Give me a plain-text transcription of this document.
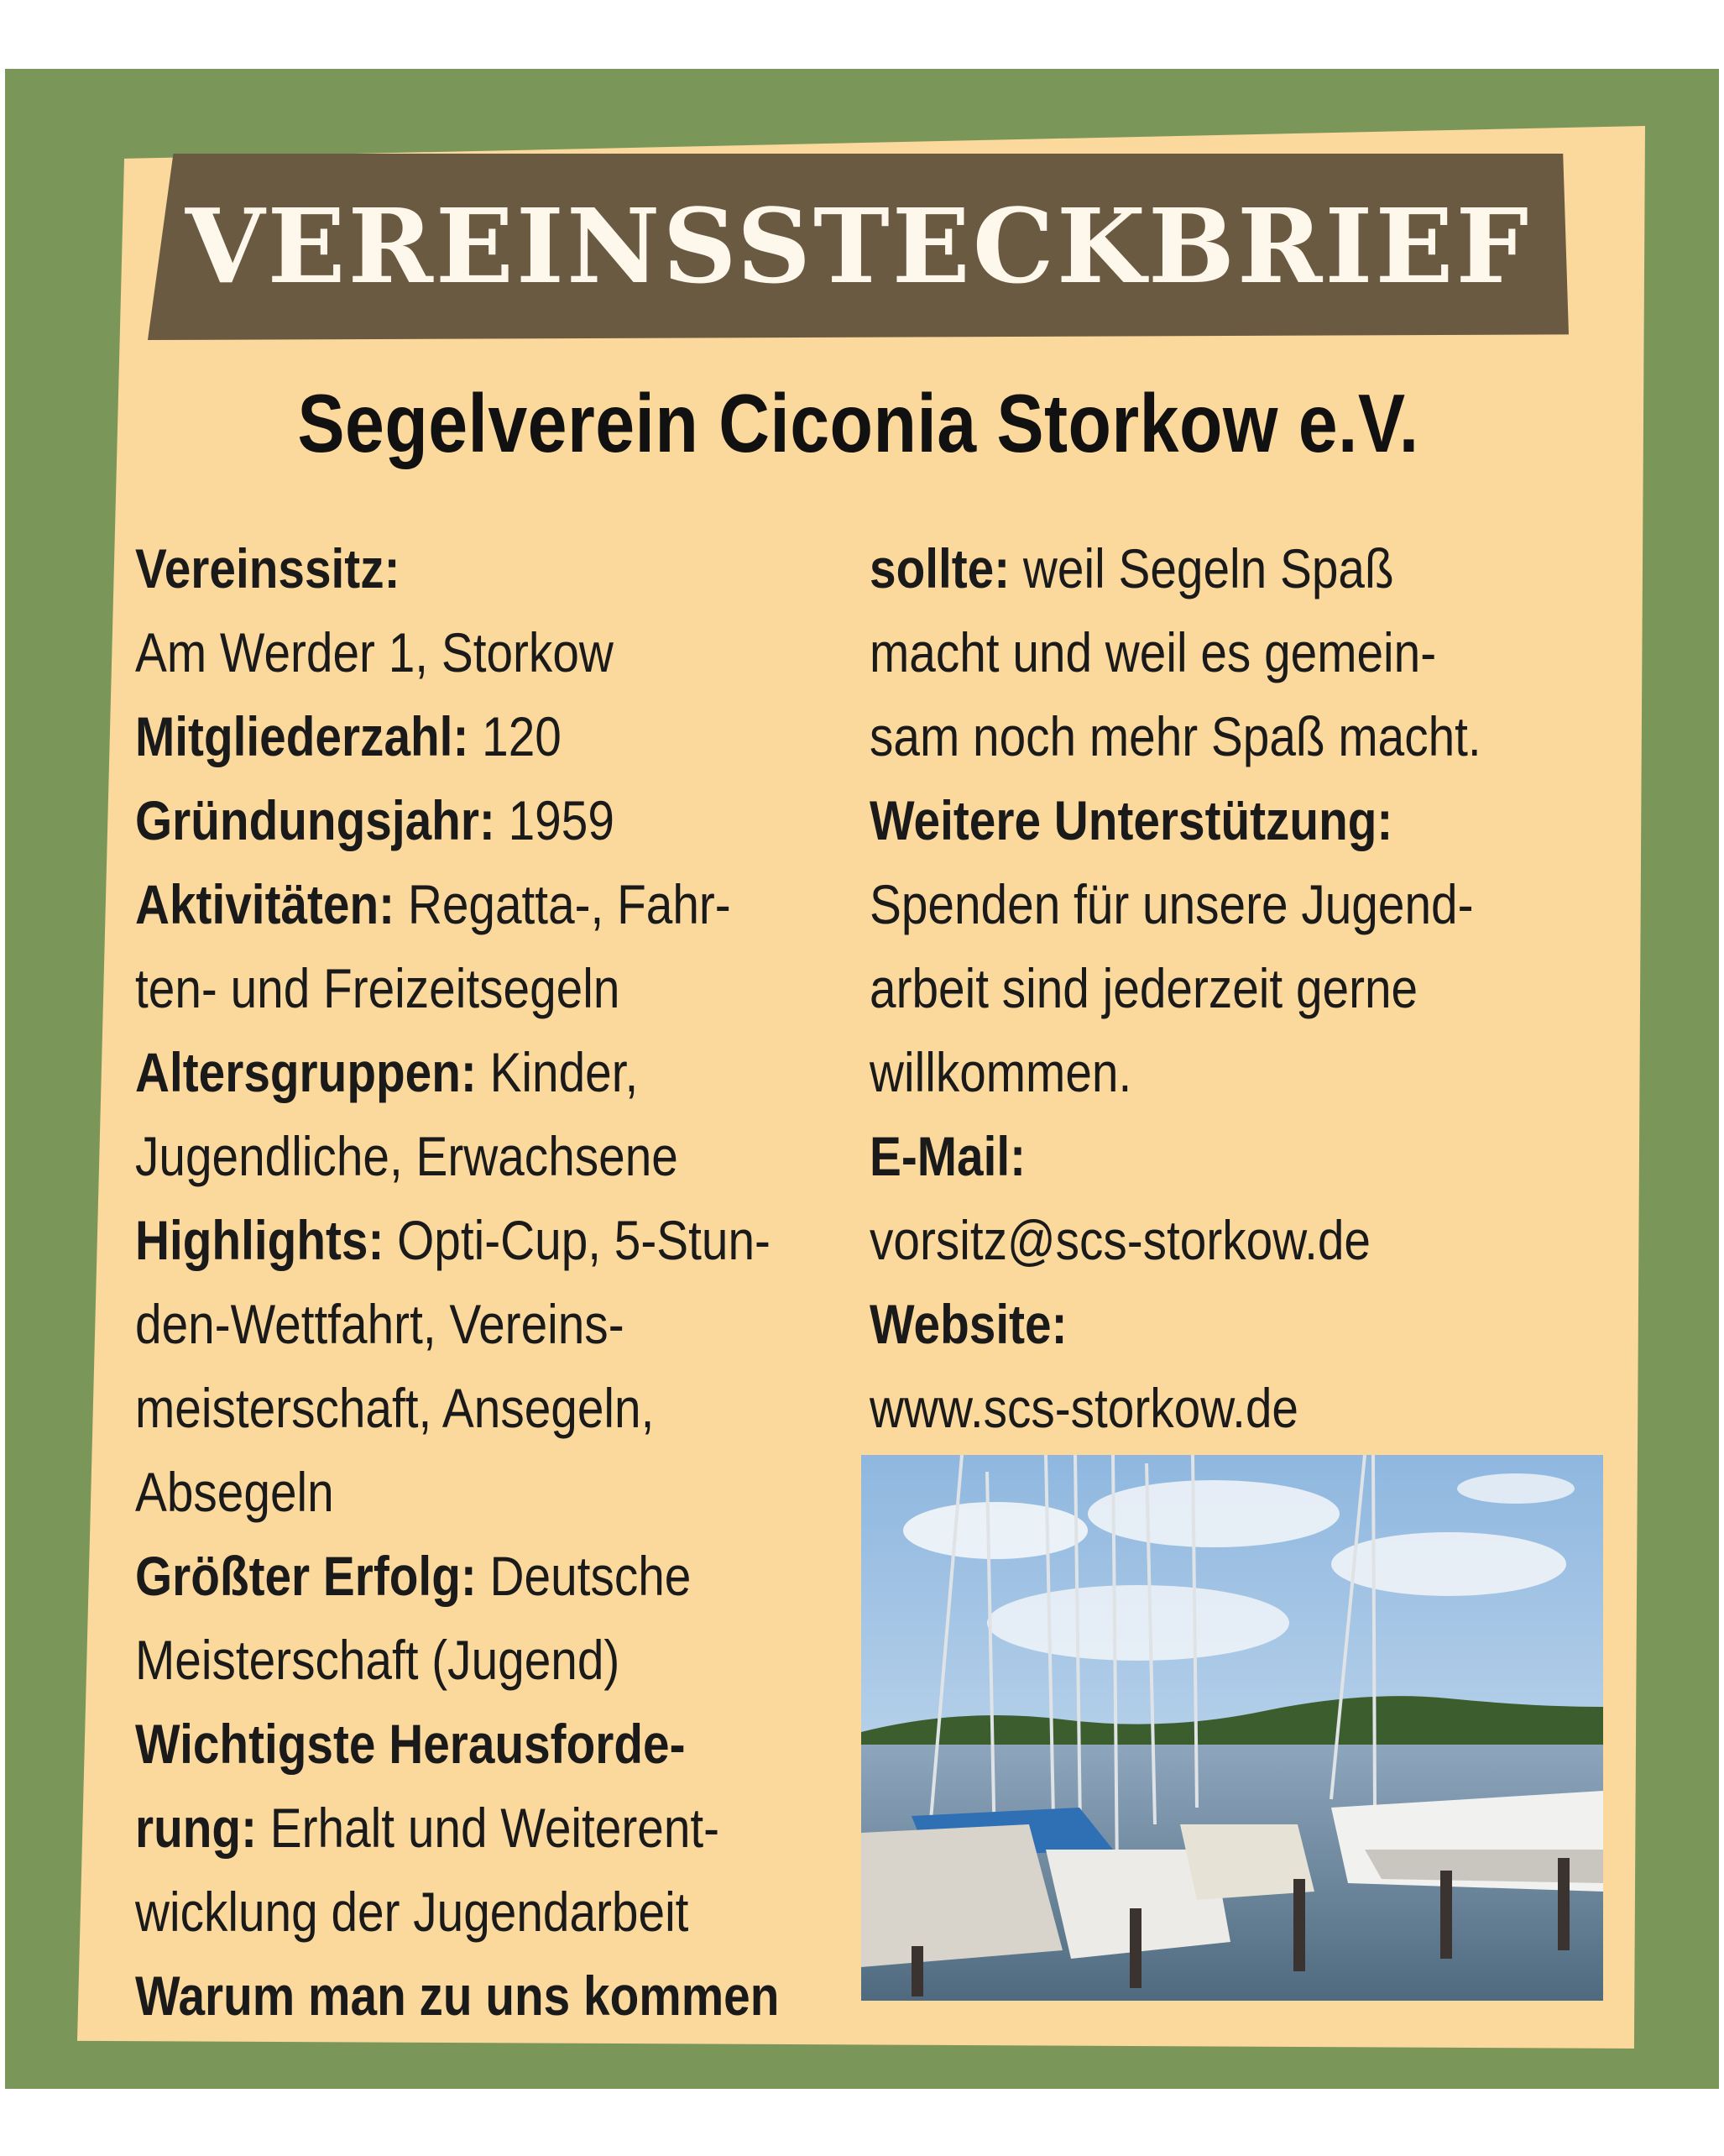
VEREINSSTECKBRIEF
Segelverein Ciconia Storkow e.V.
Vereinssitz:
Am Werder 1, Storkow
Mitgliederzahl: 120
Gründungsjahr: 1959
Aktivitäten: Regatta-, Fahr-
ten- und Freizeitsegeln
Altersgruppen: Kinder,
Jugendliche, Erwachsene
Highlights: Opti-Cup, 5-Stun-
den-Wettfahrt, Vereins-
meisterschaft, Ansegeln,
Absegeln
Größter Erfolg: Deutsche
Meisterschaft (Jugend)
Wichtigste Herausforde-
rung: Erhalt und Weiterent-
wicklung der Jugendarbeit
Warum man zu uns kommen
sollte: weil Segeln Spaß
macht und weil es gemein-
sam noch mehr Spaß macht.
Weitere Unterstützung:
Spenden für unsere Jugend-
arbeit sind jederzeit gerne
willkommen.
E-Mail:
vorsitz@scs-storkow.de
Website:
www.scs-storkow.de
